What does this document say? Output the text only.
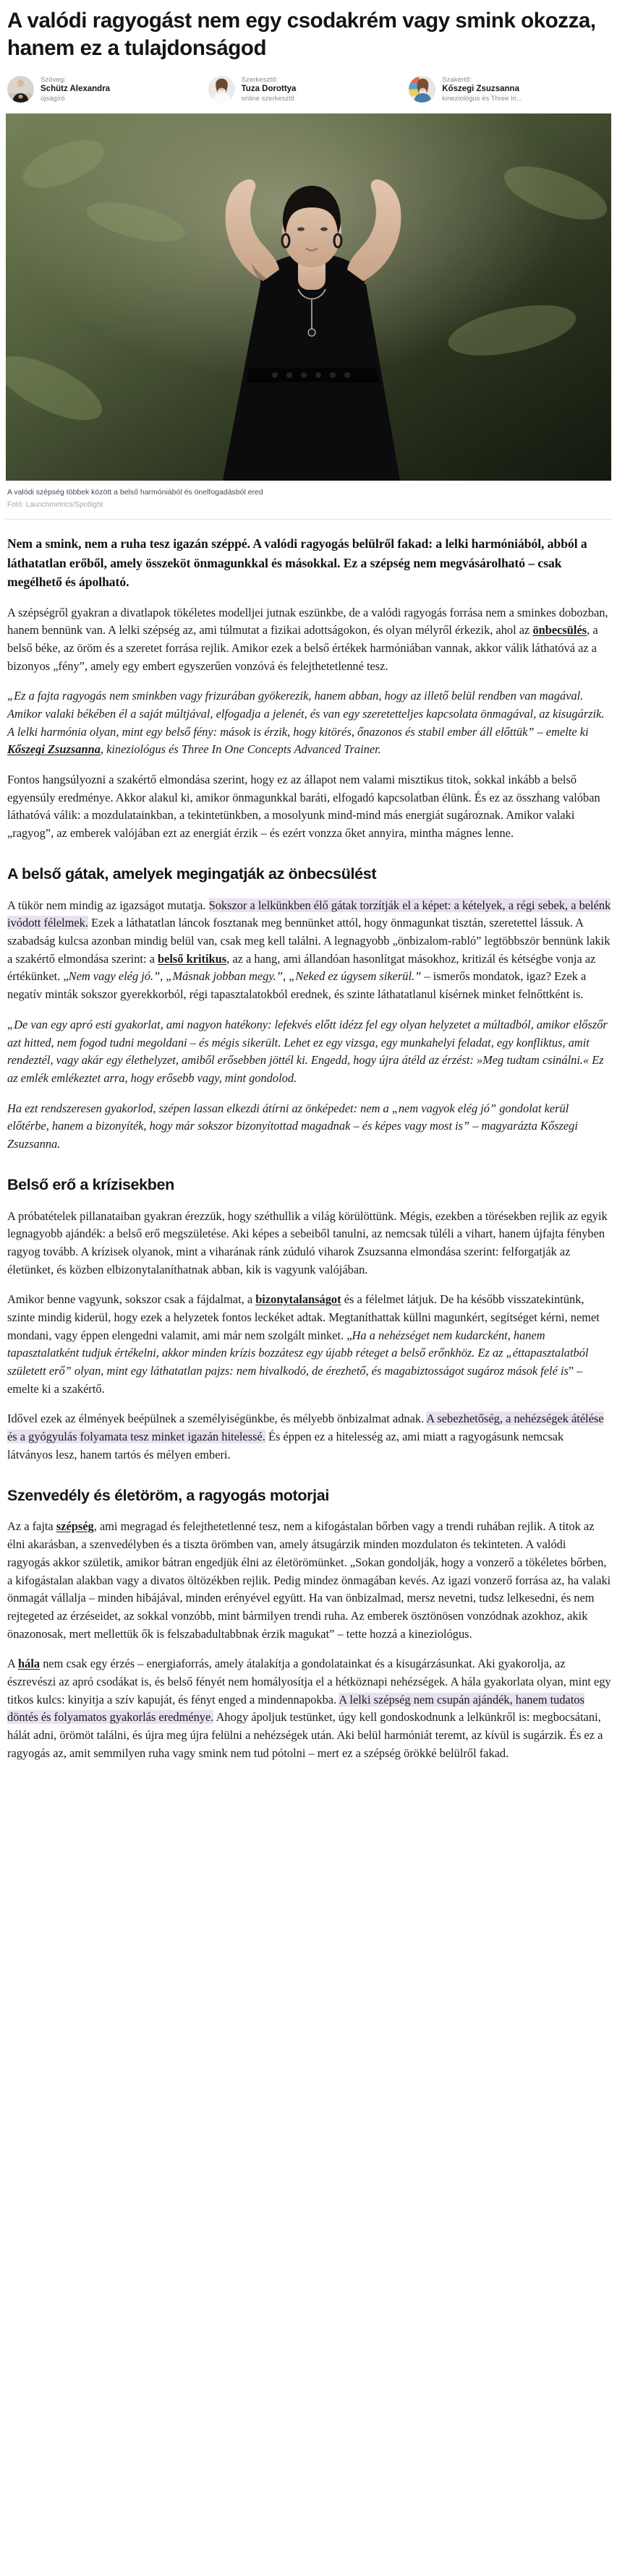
A valódi ragyogást nem egy csodakrém vagy smink okozza, hanem ez a tulajdonságod
Szöveg:
Schütz Alexandra
újságíró
Szerkesztő:
Tuza Dorottya
online szerkesztő
Szakértő:
Kőszegi Zsuzsanna
kineziológus és Three In...
A valódi szépség többek között a belső harmóniából és önelfogadásból ered
Fotó: Launchmetrics/Spotlight

Nem a smink, nem a ruha tesz igazán széppé. A valódi ragyogás belülről fakad: a lelki harmóniából, abból a láthatatlan erőből, amely összeköt önmagunkkal és másokkal. Ez a szépség nem megvásárolható – csak megélhető és ápolható.

A szépségről gyakran a divatlapok tökéletes modelljei jutnak eszünkbe, de a valódi ragyogás forrása nem a sminkes dobozban, hanem bennünk van. A lelki szépség az, ami túlmutat a fizikai adottságokon, és olyan mélyről érkezik, ahol az önbecsülés, a belső béke, az öröm és a szeretet forrása rejlik. Amikor ezek a belső értékek harmóniában vannak, akkor válik láthatóvá az a bizonyos „fény”, amely egy embert egyszerűen vonzóvá és felejthetetlenné tesz.

„Ez a fajta ragyogás nem sminkben vagy frizurában gyökerezik, hanem abban, hogy az illető belül rendben van magával. Amikor valaki békében él a saját múltjával, elfogadja a jelenét, és van egy szeretetteljes kapcsolata önmagával, az kisugárzik. A lelki harmónia olyan, mint egy belső fény: mások is érzik, hogy kitörés, őnazonos és stabil ember áll előttük” – emelte ki Kőszegi Zsuzsanna, kineziológus és Three In One Concepts Advanced Trainer.

Fontos hangsúlyozni a szakértő elmondása szerint, hogy ez az állapot nem valami misztikus titok, sokkal inkább a belső egyensúly eredménye. Akkor alakul ki, amikor önmagunkkal baráti, elfogadó kapcsolatban élünk. És ez az összhang valóban láthatóvá válik: a mozdulatainkban, a tekintetünkben, a mosolyunk mind-mind más energiát sugároznak. Amikor valaki „ragyog”, az emberek valójában ezt az energiát érzik – és ezért vonzza őket annyira, mintha mágnes lenne.

A belső gátak, amelyek megingatják az önbecsülést

A tükör nem mindig az igazságot mutatja. Sokszor a lelkünkben élő gátak torzítják el a képet: a kételyek, a régi sebek, a belénk ivódott félelmek. Ezek a láthatatlan láncok fosztanak meg bennünket attól, hogy önmagunkat tisztán, szeretettel lássuk. A szabadság kulcsa azonban mindig belül van, csak meg kell találni. A legnagyobb „önbizalom-rabló” legtöbbször bennünk lakik a szakértő elmondása szerint: a belső kritikus, az a hang, ami állandóan hasonlítgat másokhoz, kritizál és kétségbe vonja az értékünket. „Nem vagy elég jó.”, „Másnak jobban megy.”, „Neked ez úgysem sikerül.” – ismerős mondatok, igaz? Ezek a negatív minták sokszor gyerekkorból, régi tapasztalatokból erednek, és szinte láthatatlanul kísérnek minket felnőttként is.

„De van egy apró esti gyakorlat, ami nagyon hatékony: lefekvés előtt idézz fel egy olyan helyzetet a múltadból, amikor előszőr azt hitted, nem fogod tudni megoldani – és mégis sikerült. Lehet ez egy vizsga, egy munkahelyi feladat, egy konfliktus, amit rendeztél, vagy akár egy élethelyzet, amiből erősebben jöttél ki. Engedd, hogy újra átéld az érzést: »Meg tudtam csinálni.« Ez az emlék emlékeztet arra, hogy erősebb vagy, mint gondolod.

Ha ezt rendszeresen gyakorlod, szépen lassan elkezdi átírni az önképedet: nem a „nem vagyok elég jó” gondolat kerül előtérbe, hanem a bizonyíték, hogy már sokszor bizonyítottad magadnak – és képes vagy most is” – magyarázta Kőszegi Zsuzsanna.

Belső erő a krízisekben

A próbatételek pillanataiban gyakran érezzük, hogy széthullik a világ körülöttünk. Mégis, ezekben a törésekben rejlik az egyik legnagyobb ajándék: a belső erő megszületése. Aki képes a sebeiből tanulni, az nemcsak túléli a vihart, hanem újfajta fényben ragyog tovább. A krízisek olyanok, mint a viharának ránk zúduló viharok Zsuzsanna elmondása szerint: felforgatják az életünket, és közben elbizonytalaníthatnak abban, kik is vagyunk valójában.

Amikor benne vagyunk, sokszor csak a fájdalmat, a bizonytalanságot és a félelmet látjuk. De ha később visszatekintünk, szinte mindig kiderül, hogy ezek a helyzetek fontos leckéket adtak. Megtaníthattak küllni magunkért, segítséget kérni, nemet mondani, vagy éppen elengedni valamit, ami már nem szolgált minket. „Ha a nehézséget nem kudarcként, hanem tapasztalatként tudjuk értékelni, akkor minden krízis bozzátesz egy újabb réteget a belső erőnkhöz. Ez az „éttapasztalatból született erő” olyan, mint egy láthatatlan pajzs: nem hivalkodó, de érezhető, és magabiztosságot sugároz mások felé is” – emelte ki a szakértő.

Idővel ezek az élmények beépülnek a személyiségünkbe, és mélyebb önbizalmat adnak. A sebezhetőség, a nehézségek átélése és a gyógyulás folyamata tesz minket igazán hitelessé. És éppen ez a hitelesség az, ami miatt a ragyogásunk nemcsak látványos lesz, hanem tartós és mélyen emberi.

Szenvedély és életöröm, a ragyogás motorjai

Az a fajta szépség, ami megragad és felejthetetlenné tesz, nem a kifogástalan bőrben vagy a trendi ruhában rejlik. A titok az élni akarásban, a szenvedélyben és a tiszta örömben van, amely átsugárzik minden mozdulaton és tekinteten. A valódi ragyogás akkor születik, amikor bátran engedjük élni az életörömünket. „Sokan gondolják, hogy a vonzerő a tökéletes bőrben, a kifogástalan alakban vagy a divatos öltözékben rejlik. Pedig mindez önmagában kevés. Az igazi vonzerő forrása az, ha valaki önmagát vállalja – minden hibájával, minden erényével együtt. Ha van önbizalmad, mersz nevetni, tudsz lelkesedni, és nem rejtegeted az érzéseidet, az sokkal vonzóbb, mint bármilyen trendi ruha. Az emberek ösztönösen vonzódnak azokhoz, akik önazonosak, mert mellettük ők is felszabadultabbnak érzik magukat” – tette hozzá a kineziológus.

A hála nem csak egy érzés – energiaforrás, amely átalakítja a gondolatainkat és a kisugárzásunkat. Aki gyakorolja, az észrevészi az apró csodákat is, és belső fényét nem homályosítja el a hétköznapi nehézségek. A hála gyakorlata olyan, mint egy titkos kulcs: kinyitja a szív kapuját, és fényt enged a mindennapokba. A lelki szépség nem csupán ajándék, hanem tudatos döntés és folyamatos gyakorlás eredménye. Ahogy ápoljuk testünket, úgy kell gondoskodnunk a lelkünkről is: megbocsátani, hálát adni, örömöt találni, és újra meg újra felülni a nehézségek után. Aki belül harmóniát teremt, az kívül is sugárzik. És ez a ragyogás az, amit semmilyen ruha vagy smink nem tud pótolni – mert ez a szépség örökké belülről fakad.
